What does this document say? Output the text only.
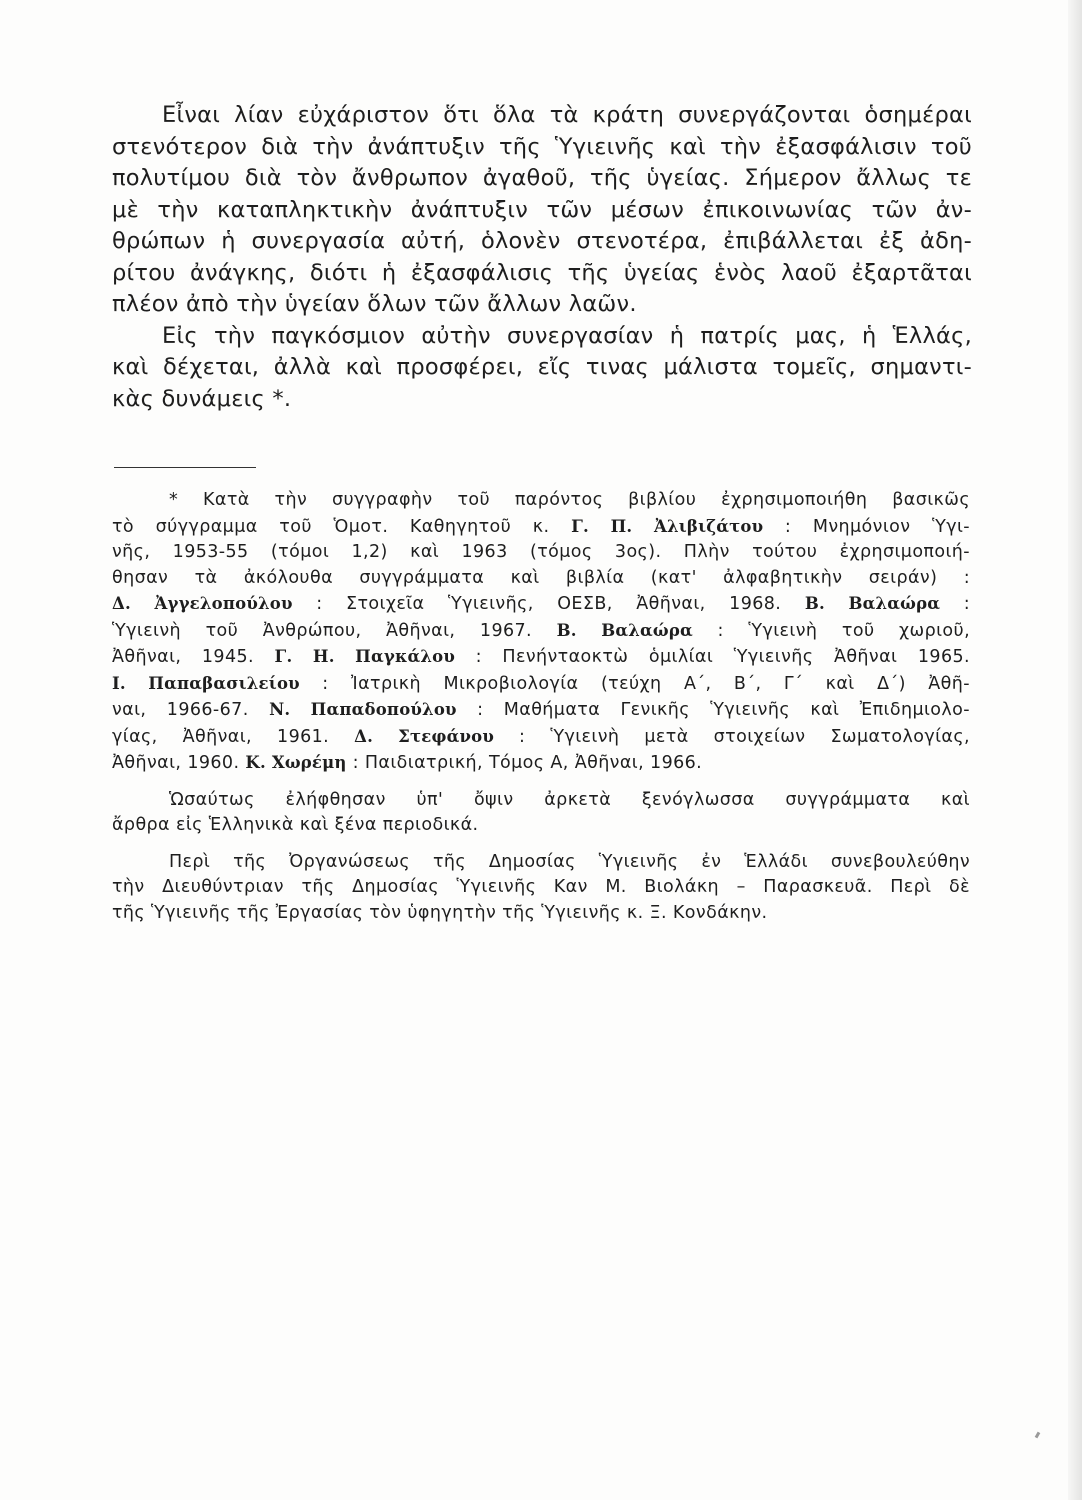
Εἶναι λίαν εὐχάριστον ὅτι ὅλα τὰ κράτη συνεργάζονται ὁσημέραι

στενότερον διὰ τὴν ἀνάπτυξιν τῆς Ὑγιεινῆς καὶ τὴν ἐξασφάλισιν τοῦ

πολυτίμου διὰ τὸν ἄνθρωπον ἀγαθοῦ, τῆς ὑγείας. Σήμερον ἄλλως τε

μὲ τὴν καταπληκτικὴν ἀνάπτυξιν τῶν μέσων ἐπικοινωνίας τῶν ἀν-

θρώπων ἡ συνεργασία αὐτή, ὁλονὲν στενοτέρα, ἐπιβάλλεται ἐξ ἀδη-

ρίτου ἀνάγκης, διότι ἡ ἐξασφάλισις τῆς ὑγείας ἑνὸς λαοῦ ἐξαρτᾶται

πλέον ἀπὸ τὴν ὑγείαν ὅλων τῶν ἄλλων λαῶν.

Εἰς τὴν παγκόσμιον αὐτὴν συνεργασίαν ἡ πατρίς μας, ἡ Ἑλλάς,

καὶ δέχεται, ἀλλὰ καὶ προσφέρει, εἴς τινας μάλιστα τομεῖς, σημαντι-

κὰς δυνάμεις *.

* Κατὰ τὴν συγγραφὴν τοῦ παρόντος βιβλίου ἐχρησιμοποιήθη βασικῶς

τὸ σύγγραμμα τοῦ Ὁμοτ. Καθηγητοῦ κ. Γ. Π. Ἀλιβιζάτου : Μνημόνιον Ὑγι-

νῆς, 1953-55 (τόμοι 1,2) καὶ 1963 (τόμος 3ος). Πλὴν τούτου ἐχρησιμοποιή-

θησαν τὰ ἀκόλουθα συγγράμματα καὶ βιβλία (κατ' ἀλφαβητικὴν σειράν) :

Δ. Ἀγγελοπούλου : Στοιχεῖα Ὑγιεινῆς, ΟΕΣΒ, Ἀθῆναι, 1968. Β. Βαλαώρα :

Ὑγιεινὴ τοῦ Ἀνθρώπου, Ἀθῆναι, 1967. Β. Βαλαώρα : Ὑγιεινὴ τοῦ χωριοῦ,

Ἀθῆναι, 1945. Γ. Η. Παγκάλου : Πενήνταοκτὼ ὁμιλίαι Ὑγιεινῆς Ἀθῆναι 1965.

Ι. Παπαβασιλείου : Ἰατρικὴ Μικροβιολογία (τεύχη Α΄, Β΄, Γ΄ καὶ Δ΄) Ἀθῆ-

ναι, 1966-67. Ν. Παπαδοπούλου : Μαθήματα Γενικῆς Ὑγιεινῆς καὶ Ἐπιδημιολο-

γίας, Ἀθῆναι, 1961. Δ. Στεφάνου : Ὑγιεινὴ μετὰ στοιχείων Σωματολογίας,

Ἀθῆναι, 1960. Κ. Χωρέμη : Παιδιατρική, Τόμος Α, Ἀθῆναι, 1966.

Ὡσαύτως ἐλήφθησαν ὑπ' ὄψιν ἀρκετὰ ξενόγλωσσα συγγράμματα καὶ

ἄρθρα εἰς Ἑλληνικὰ καὶ ξένα περιοδικά.

Περὶ τῆς Ὀργανώσεως τῆς Δημοσίας Ὑγιεινῆς ἐν Ἑλλάδι συνεβουλεύθην

τὴν Διευθύντριαν τῆς Δημοσίας Ὑγιεινῆς Καν Μ. Βιολάκη – Παρασκευᾶ. Περὶ δὲ

τῆς Ὑγιεινῆς τῆς Ἐργασίας τὸν ὑφηγητὴν τῆς Ὑγιεινῆς κ. Ξ. Κονδάκην.
